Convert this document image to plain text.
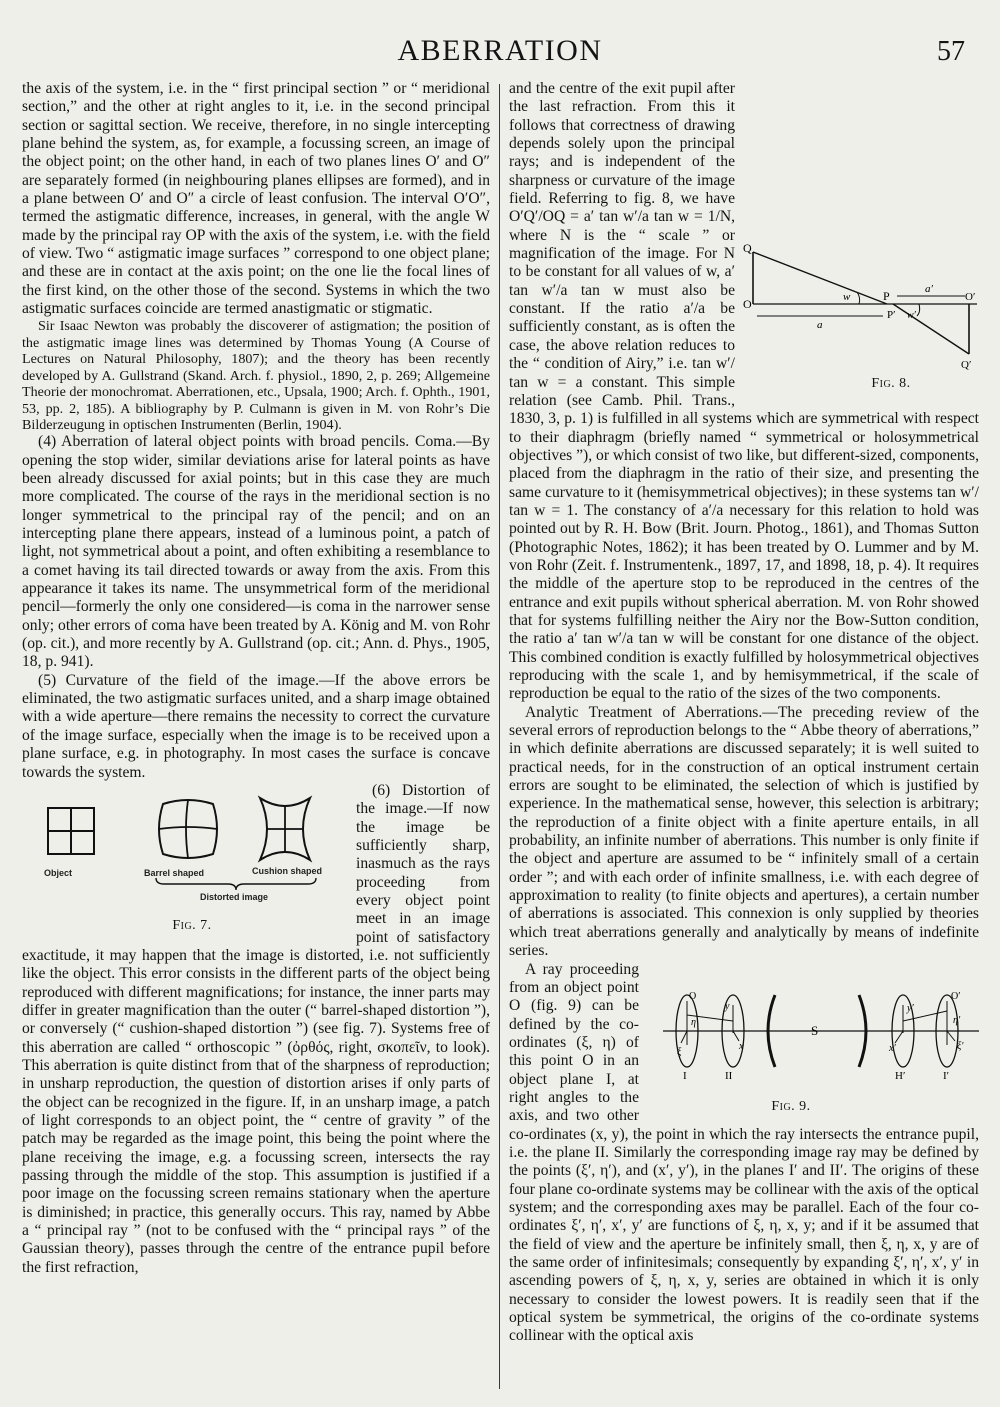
ABERRATION	57

the axis of the system, i.e. in the “ first principal section ” or “ meridional section,” and the other at right angles to it, i.e. in the second principal section or sagittal section. We receive, therefore, in no single intercepting plane behind the system, as, for example, a focussing screen, an image of the object point; on the other hand, in each of two planes lines O′ and O″ are separately formed (in neighbouring planes ellipses are formed), and in a plane between O′ and O″ a circle of least confusion. The interval O′O″, termed the astigmatic difference, increases, in general, with the angle W made by the principal ray OP with the axis of the system, i.e. with the field of view. Two “ astigmatic image surfaces ” correspond to one object plane; and these are in contact at the axis point; on the one lie the focal lines of the first kind, on the other those of the second. Systems in which the two astigmatic surfaces coincide are termed anastigmatic or stigmatic.

Sir Isaac Newton was probably the discoverer of astigmation; the position of the astigmatic image lines was determined by Thomas Young (A Course of Lectures on Natural Philosophy, 1807); and the theory has been recently developed by A. Gullstrand (Skand. Arch. f. physiol., 1890, 2, p. 269; Allgemeine Theorie der monochromat. Aberrationen, etc., Upsala, 1900; Arch. f. Ophth., 1901, 53, pp. 2, 185). A bibliography by P. Culmann is given in M. von Rohr’s Die Bilderzeugung in optischen Instrumenten (Berlin, 1904).

(4) Aberration of lateral object points with broad pencils. Coma.—By opening the stop wider, similar deviations arise for lateral points as have been already discussed for axial points; but in this case they are much more complicated. The course of the rays in the meridional section is no longer symmetrical to the principal ray of the pencil; and on an intercepting plane there appears, instead of a luminous point, a patch of light, not symmetrical about a point, and often exhibiting a resemblance to a comet having its tail directed towards or away from the axis. From this appearance it takes its name. The unsymmetrical form of the meridional pencil—formerly the only one considered—is coma in the narrower sense only; other errors of coma have been treated by A. König and M. von Rohr (op. cit.), and more recently by A. Gullstrand (op. cit.; Ann. d. Phys., 1905, 18, p. 941).

(5) Curvature of the field of the image.—If the above errors be eliminated, the two astigmatic surfaces united, and a sharp image obtained with a wide aperture—there remains the necessity to correct the curvature of the image surface, especially when the image is to be received upon a plane surface, e.g. in photography. In most cases the surface is concave towards the system.

Object	Barrel shaped	Cushion shaped
Distorted image
Fig. 7.
(6) Distortion of the image.—If now the image be sufficiently sharp, inasmuch as the rays proceeding from every object point meet in an image point of satisfactory exactitude, it may happen that the image is distorted, i.e. not sufficiently like the object. This error consists in the different parts of the object being reproduced with different magnifications; for instance, the inner parts may differ in greater magnification than the outer (“ barrel-shaped distortion ”), or conversely (“ cushion-shaped distortion ”) (see fig. 7). Systems free of this aberration are called “ orthoscopic ” (ὀρθός, right, σκοπεῖν, to look). This aberration is quite distinct from that of the sharpness of reproduction; in unsharp reproduction, the question of distortion arises if only parts of the object can be recognized in the figure. If, in an unsharp image, a patch of light corresponds to an object point, the “ centre of gravity ” of the patch may be regarded as the image point, this being the point where the plane receiving the image, e.g. a focussing screen, intersects the ray passing through the middle of the stop. This assumption is justified if a poor image on the focussing screen remains stationary when the aperture is diminished; in practice, this generally occurs. This ray, named by Abbe a “ principal ray ” (not to be confused with the “ principal rays ” of the Gaussian theory), passes through the centre of the entrance pupil before the first refraction,

Q
O	w
a
P
P′ w′
a′
O′
Q′
Fig. 8.
and the centre of the exit pupil after the last refraction. From this it follows that correctness of drawing depends solely upon the principal rays; and is independent of the sharpness or curvature of the image field. Referring to fig. 8, we have O′Q′/OQ = a′ tan w′/a tan w = 1/N, where N is the “ scale ” or magnification of the image. For N to be constant for all values of w, a′ tan w′/a tan w must also be constant. If the ratio a′/a be sufficiently constant, as is often the case, the above relation reduces to the “ condition of Airy,” i.e. tan w′/ tan w = a constant. This simple relation (see Camb. Phil. Trans., 1830, 3, p. 1) is fulfilled in all systems which are symmetrical with respect to their diaphragm (briefly named “ symmetrical or holosymmetrical objectives ”), or which consist of two like, but different-sized, components, placed from the diaphragm in the ratio of their size, and presenting the same curvature to it (hemisymmetrical objectives); in these systems tan w′/ tan w = 1. The constancy of a′/a necessary for this relation to hold was pointed out by R. H. Bow (Brit. Journ. Photog., 1861), and Thomas Sutton (Photographic Notes, 1862); it has been treated by O. Lummer and by M. von Rohr (Zeit. f. Instrumentenk., 1897, 17, and 1898, 18, p. 4). It requires the middle of the aperture stop to be reproduced in the centres of the entrance and exit pupils without spherical aberration. M. von Rohr showed that for systems fulfilling neither the Airy nor the Bow-Sutton condition, the ratio a′ tan w′/a tan w will be constant for one distance of the object. This combined condition is exactly fulfilled by holosymmetrical objectives reproducing with the scale 1, and by hemisymmetrical, if the scale of reproduction be equal to the ratio of the sizes of the two components.

Analytic Treatment of Aberrations.—The preceding review of the several errors of reproduction belongs to the “ Abbe theory of aberrations,” in which definite aberrations are discussed separately; it is well suited to practical needs, for in the construction of an optical instrument certain errors are sought to be eliminated, the selection of which is justified by experience. In the mathematical sense, however, this selection is arbitrary; the reproduction of a finite object with a finite aperture entails, in all probability, an infinite number of aberrations. This number is only finite if the object and aperture are assumed to be “ infinitely small of a certain order ”; and with each order of infinite smallness, i.e. with each degree of approximation to reality (to finite objects and apertures), a certain number of aberrations is associated. This connexion is only supplied by theories which treat aberrations generally and analytically by means of indefinite series.

O
ξ
η
I
y
x
II
S
y′
x′
H′
O′
ξ′
η′
I′
Fig. 9.
A ray proceeding from an object point O (fig. 9) can be defined by the co-ordinates (ξ, η) of this point O in an object plane I, at right angles to the axis, and two other co-ordinates (x, y), the point in which the ray intersects the entrance pupil, i.e. the plane II. Similarly the corresponding image ray may be defined by the points (ξ′, η′), and (x′, y′), in the planes I′ and II′. The origins of these four plane co-ordinate systems may be collinear with the axis of the optical system; and the corresponding axes may be parallel. Each of the four co-ordinates ξ′, η′, x′, y′ are functions of ξ, η, x, y; and if it be assumed that the field of view and the aperture be infinitely small, then ξ, η, x, y are of the same order of infinitesimals; consequently by expanding ξ′, η′, x′, y′ in ascending powers of ξ, η, x, y, series are obtained in which it is only necessary to consider the lowest powers. It is readily seen that if the optical system be symmetrical, the origins of the co-ordinate systems collinear with the optical axis
